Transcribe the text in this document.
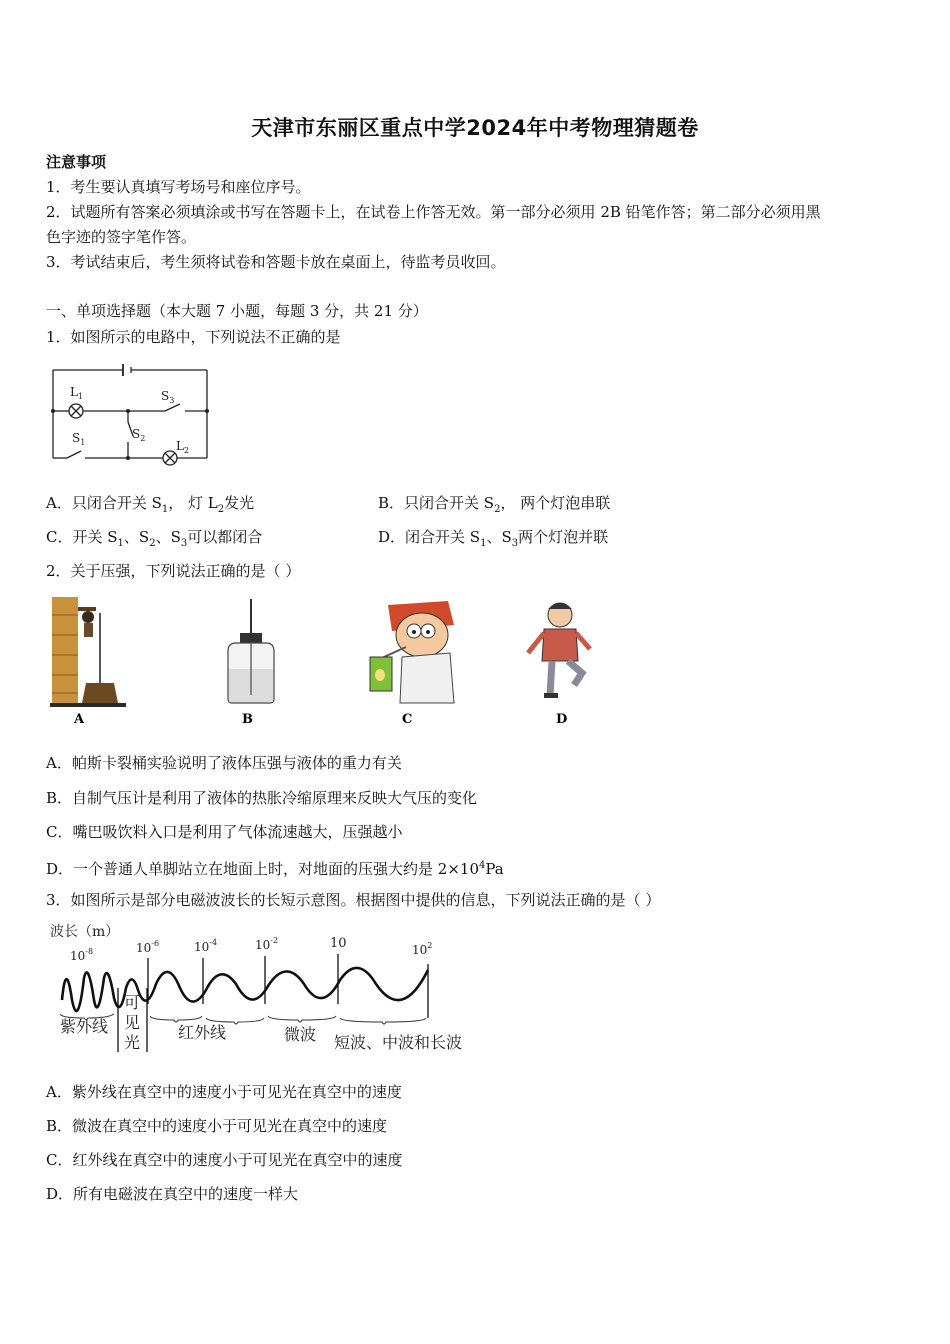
天津市东丽区重点中学2024年中考物理猜题卷
注意事项
1．考生要认真填写考场号和座位序号。
2．试题所有答案必须填涂或书写在答题卡上，在试卷上作答无效。第一部分必须用 2B 铅笔作答；第二部分必须用黑
色字迹的签字笔作答。
3．考试结束后，考生须将试卷和答题卡放在桌面上，待监考员收回。
一、单项选择题（本大题 7 小题，每题 3 分，共 21 分）
1．如图所示的电路中，下列说法不正确的是
$L_1$	$S_3$
$S_2$
$S_1$	$L_2$
A．只闭合开关 $S_1$， 灯 $L_2$发光	B．只闭合开关 $S_2$， 两个灯泡串联
C．开关 $S_1$、$S_2$、$S_3$可以都闭合	D．闭合开关 $S_1$、$S_3$两个灯泡并联
2．关于压强，下列说法正确的是（ ）
A	B	C	D
A．帕斯卡裂桶实验说明了液体压强与液体的重力有关
B．自制气压计是利用了液体的热胀冷缩原理来反映大气压的变化
C．嘴巴吸饮料入口是利用了气体流速越大，压强越小
D．一个普通人单脚站立在地面上时，对地面的压强大约是 $2\times 10^4Pa$
3．如图所示是部分电磁波波长的长短示意图。根据图中提供的信息，下列说法正确的是（ ）
波长（m）
$10^{-8}$	$10^{-6}$	$10^{-4}$	$10^{-2}$	10	$10^2$
紫外线
可
见
光
红外线	微波 短波、中波和长波
A．紫外线在真空中的速度小于可见光在真空中的速度
B．微波在真空中的速度小于可见光在真空中的速度
C．红外线在真空中的速度小于可见光在真空中的速度
D．所有电磁波在真空中的速度一样大
